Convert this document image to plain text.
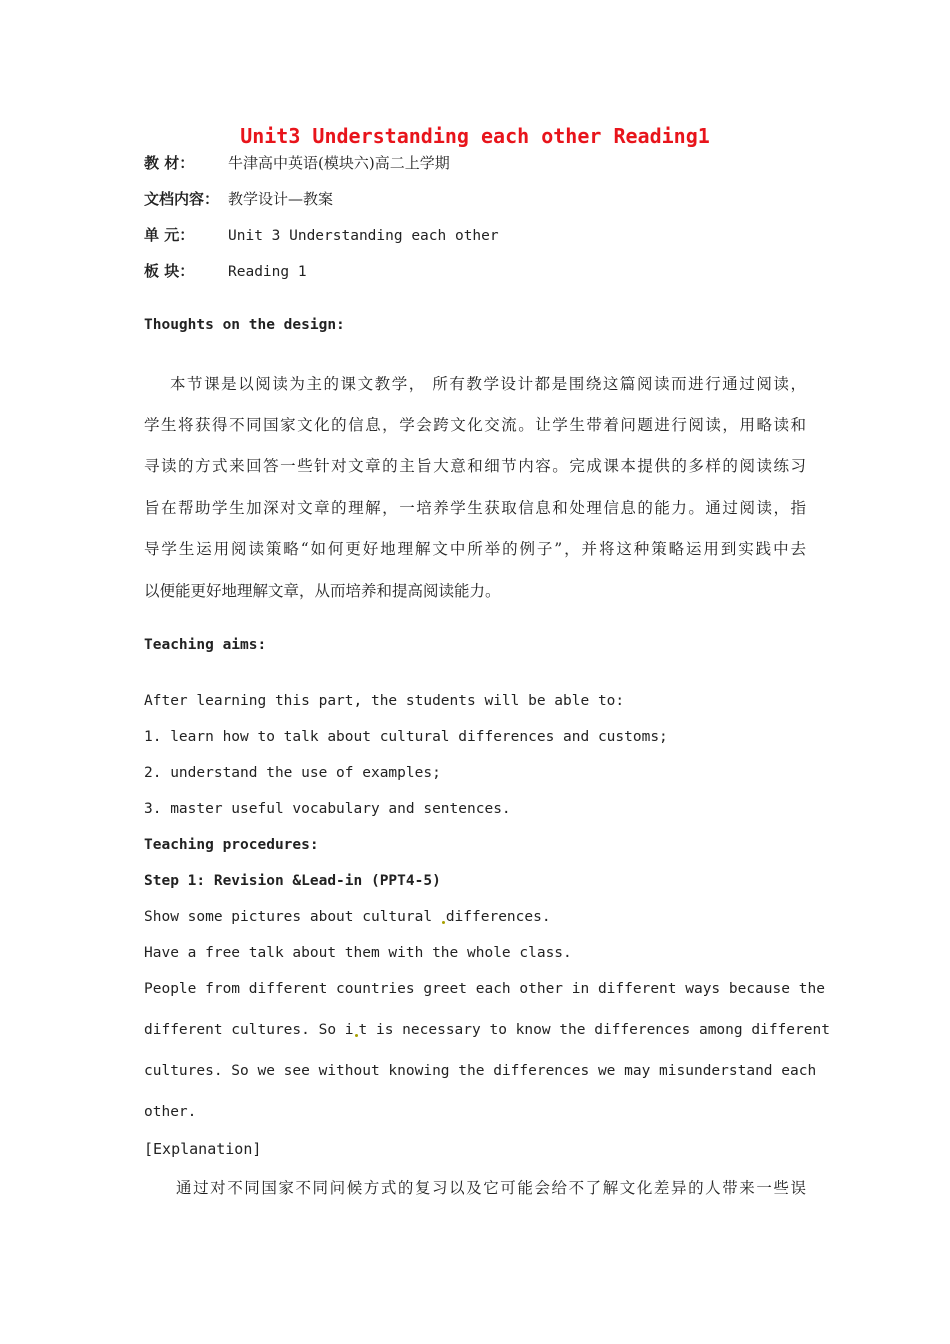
Unit3 Understanding each other Reading1
教 材： 牛津高中英语(模块六)高二上学期
文档内容： 教学设计—教案
单 元： Unit 3 Understanding each other
板 块： Reading 1
Thoughts on the design:
本节课是以阅读为主的课文教学， 所有教学设计都是围绕这篇阅读而进行通过阅读，
学生将获得不同国家文化的信息，学会跨文化交流。让学生带着问题进行阅读，用略读和
寻读的方式来回答一些针对文章的主旨大意和细节内容。完成课本提供的多样的阅读练习
旨在帮助学生加深对文章的理解，一培养学生获取信息和处理信息的能力。通过阅读，指
导学生运用阅读策略“如何更好地理解文中所举的例子”，并将这种策略运用到实践中去
以便能更好地理解文章，从而培养和提高阅读能力。
Teaching aims:
After learning this part, the students will be able to:
1. learn how to talk about cultural differences and customs;
2. understand the use of examples;
3. master useful vocabulary and sentences.
Teaching procedures:
Step 1: Revision &Lead-in (PPT4-5)
Show some pictures about cultural differences.
Have a free talk about them with the whole class.
People from different countries greet each other in different ways because the
different cultures. So i t is necessary to know the differences among different
cultures. So we see without knowing the differences we may misunderstand each
other.
[Explanation]
通过对不同国家不同问候方式的复习以及它可能会给不了解文化差异的人带来一些误
